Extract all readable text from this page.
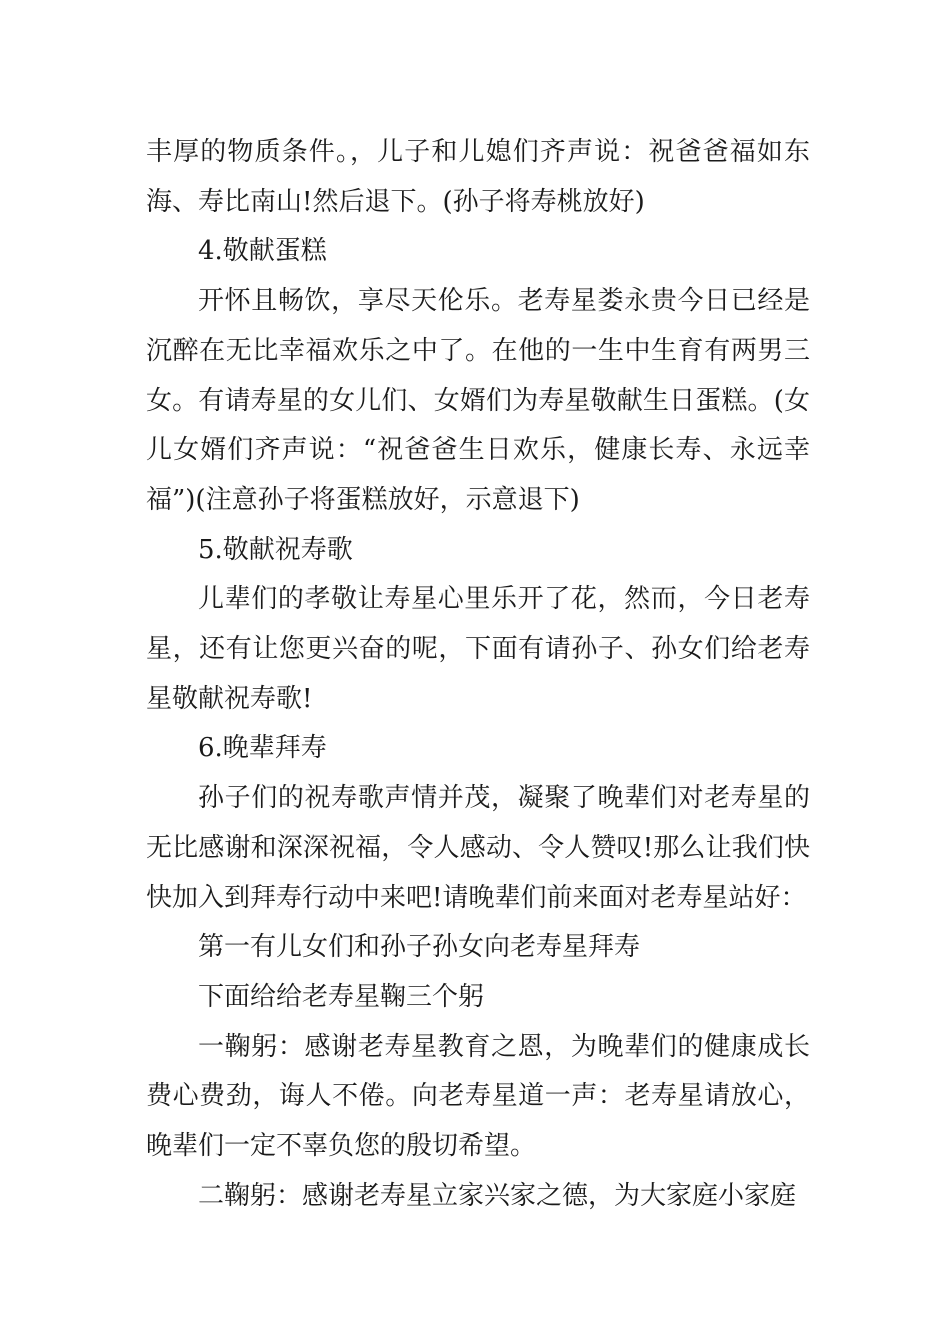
丰厚的物质条件。，儿子和儿媳们齐声说：祝爸爸福如东海、寿比南山!然后退下。(孙子将寿桃放好)

4.敬献蛋糕

开怀且畅饮，享尽天伦乐。老寿星娄永贵今日已经是沉醉在无比幸福欢乐之中了。在他的一生中生育有两男三女。有请寿星的女儿们、女婿们为寿星敬献生日蛋糕。(女儿女婿们齐声说：“祝爸爸生日欢乐，健康长寿、永远幸福”)(注意孙子将蛋糕放好，示意退下)

5.敬献祝寿歌

儿辈们的孝敬让寿星心里乐开了花，然而，今日老寿星，还有让您更兴奋的呢，下面有请孙子、孙女们给老寿星敬献祝寿歌!

6.晚辈拜寿

孙子们的祝寿歌声情并茂，凝聚了晚辈们对老寿星的无比感谢和深深祝福，令人感动、令人赞叹!那么让我们快快加入到拜寿行动中来吧!请晚辈们前来面对老寿星站好：

第一有儿女们和孙子孙女向老寿星拜寿

下面给给老寿星鞠三个躬

一鞠躬：感谢老寿星教育之恩，为晚辈们的健康成长费心费劲，诲人不倦。向老寿星道一声：老寿星请放心，晚辈们一定不辜负您的殷切希望。

二鞠躬：感谢老寿星立家兴家之德，为大家庭小家庭
